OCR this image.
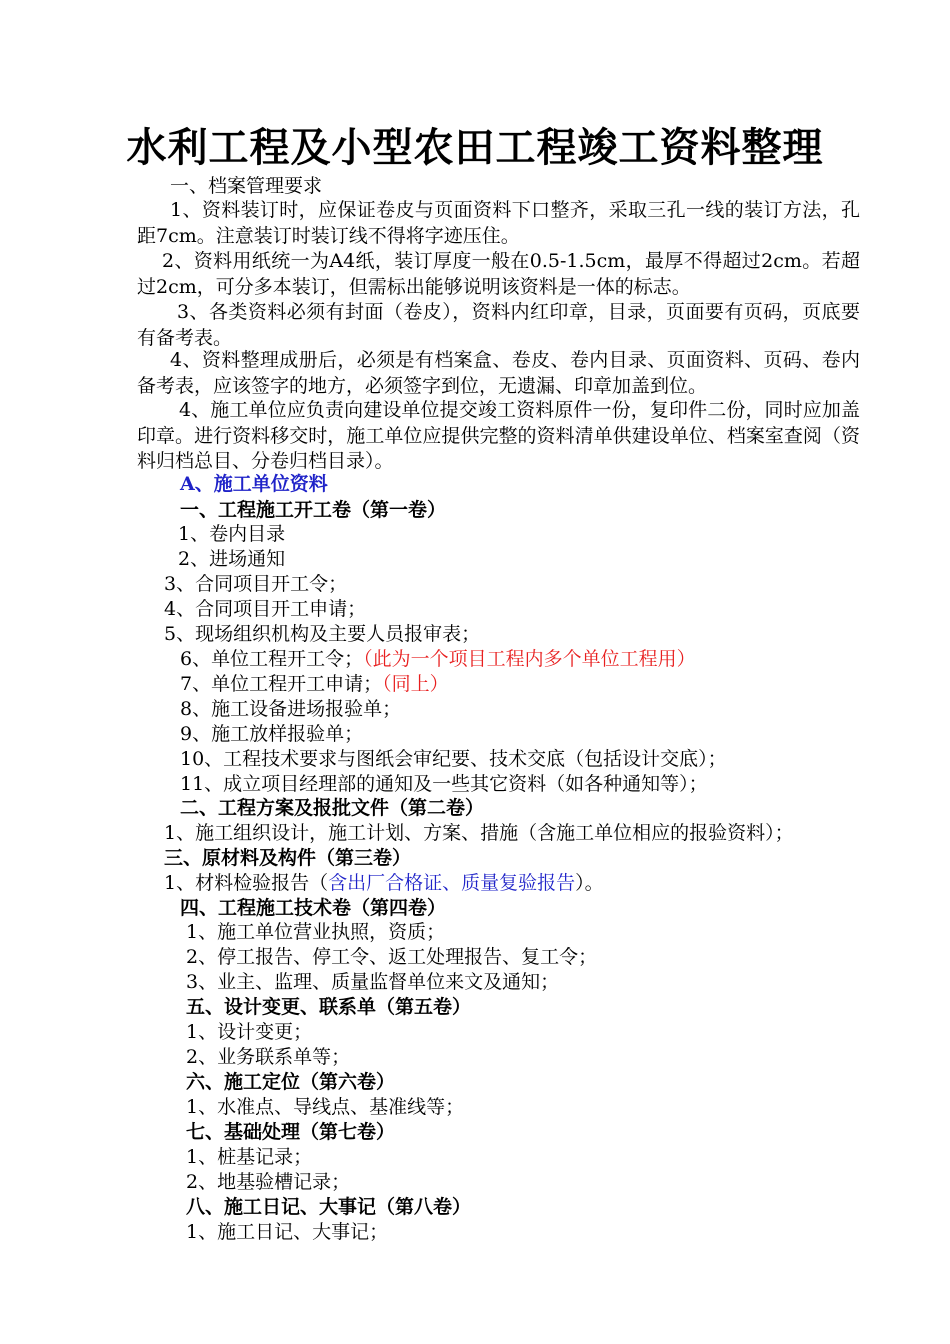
水利工程及小型农田工程竣工资料整理
一、档案管理要求

1、资料装订时，应保证卷皮与页面资料下口整齐，采取三孔一线的装订方法，孔距7cm。注意装订时装订线不得将字迹压住。

2、资料用纸统一为A4纸，装订厚度一般在0.5-1.5cm，最厚不得超过2cm。若超过2cm，可分多本装订，但需标出能够说明该资料是一体的标志。

3、各类资料必须有封面（卷皮），资料内红印章，目录，页面要有页码，页底要有备考表。

4、资料整理成册后，必须是有档案盒、卷皮、卷内目录、页面资料、页码、卷内备考表，应该签字的地方，必须签字到位，无遗漏、印章加盖到位。

4、施工单位应负责向建设单位提交竣工资料原件一份，复印件二份，同时应加盖印章。进行资料移交时，施工单位应提供完整的资料清单供建设单位、档案室查阅（资料归档总目、分卷归档目录）。

A、施工单位资料
一、工程施工开工卷（第一卷）
1、卷内目录
2、进场通知
3、合同项目开工令；
4、合同项目开工申请；
5、现场组织机构及主要人员报审表；
6、单位工程开工令；（此为一个项目工程内多个单位工程用）
7、单位工程开工申请；（同上）
8、施工设备进场报验单；
9、施工放样报验单；
10、工程技术要求与图纸会审纪要、技术交底（包括设计交底）；
11、成立项目经理部的通知及一些其它资料（如各种通知等）；
二、工程方案及报批文件（第二卷）
1、施工组织设计，施工计划、方案、措施（含施工单位相应的报验资料）；
三、原材料及构件（第三卷）
1、材料检验报告（含出厂合格证、质量复验报告）。
四、工程施工技术卷（第四卷）
1、施工单位营业执照，资质；
2、停工报告、停工令、返工处理报告、复工令；
3、业主、监理、质量监督单位来文及通知；
五、设计变更、联系单（第五卷）
1、设计变更；
2、业务联系单等；
六、施工定位（第六卷）
1、水准点、导线点、基准线等；
七、基础处理（第七卷）
1、桩基记录；
2、地基验槽记录；
八、施工日记、大事记（第八卷）
1、施工日记、大事记；
